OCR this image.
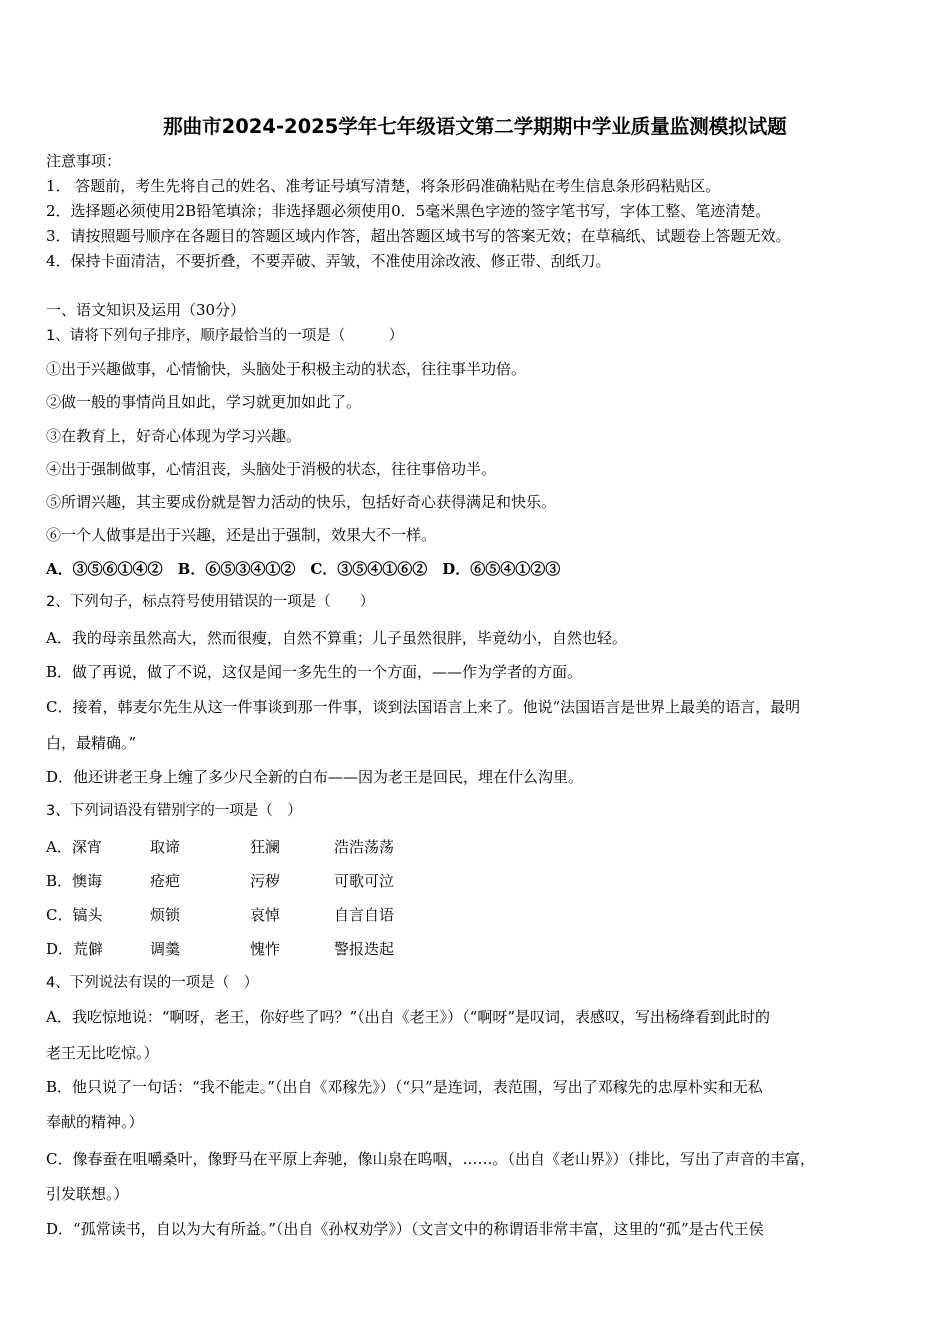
那曲市2024-2025学年七年级语文第二学期期中学业质量监测模拟试题
注意事项：
1． 答题前，考生先将自己的姓名、准考证号填写清楚，将条形码准确粘贴在考生信息条形码粘贴区。
2．选择题必须使用2B铅笔填涂；非选择题必须使用0．5毫米黑色字迹的签字笔书写，字体工整、笔迹清楚。
3．请按照题号顺序在各题目的答题区域内作答，超出答题区域书写的答案无效；在草稿纸、试题卷上答题无效。
4．保持卡面清洁，不要折叠，不要弄破、弄皱，不准使用涂改液、修正带、刮纸刀。
一、语文知识及运用（30分）
1、请将下列句子排序，顺序最恰当的一项是（　　　）
①出于兴趣做事，心情愉快，头脑处于积极主动的状态，往往事半功倍。
②做一般的事情尚且如此，学习就更加如此了。
③在教育上，好奇心体现为学习兴趣。
④出于强制做事，心情沮丧，头脑处于消极的状态，往往事倍功半。
⑤所谓兴趣，其主要成份就是智力活动的快乐，包括好奇心获得满足和快乐。
⑥一个人做事是出于兴趣，还是出于强制，效果大不一样。
A．③⑤⑥①④②　B．⑥⑤③④①②　C．③⑤④①⑥②　D．⑥⑤④①②③
2、下列句子，标点符号使用错误的一项是（　　）
A．我的母亲虽然高大，然而很瘦，自然不算重；儿子虽然很胖，毕竟幼小，自然也轻。
B．做了再说，做了不说，这仅是闻一多先生的一个方面，——作为学者的方面。
C．接着，韩麦尔先生从这一件事谈到那一件事，谈到法国语言上来了。他说“法国语言是世界上最美的语言，最明
白，最精确。”
D．他还讲老王身上缠了多少尺全新的白布——因为老王是回民，埋在什么沟里。
3、下列词语没有错别字的一项是（　）
A．深宵	取谛	狂澜	浩浩荡荡
B．懊诲	疮疤	污秽	可歌可泣
C．镐头	烦锁	哀悼	自言自语
D．荒僻	调羹	愧怍	警报迭起
4、下列说法有误的一项是（　）
A．我吃惊地说：“啊呀，老王，你好些了吗？”（出自《老王》）（“啊呀”是叹词，表感叹，写出杨绛看到此时的
老王无比吃惊。）
B．他只说了一句话：“我不能走。”（出自《邓稼先》）（“只”是连词，表范围，写出了邓稼先的忠厚朴实和无私
奉献的精神。）
C．像春蚕在咀嚼桑叶，像野马在平原上奔驰，像山泉在呜咽，……。（出自《老山界》）（排比，写出了声音的丰富，
引发联想。）
D．“孤常读书，自以为大有所益。”（出自《孙权劝学》）（文言文中的称谓语非常丰富，这里的“孤”是古代王侯
